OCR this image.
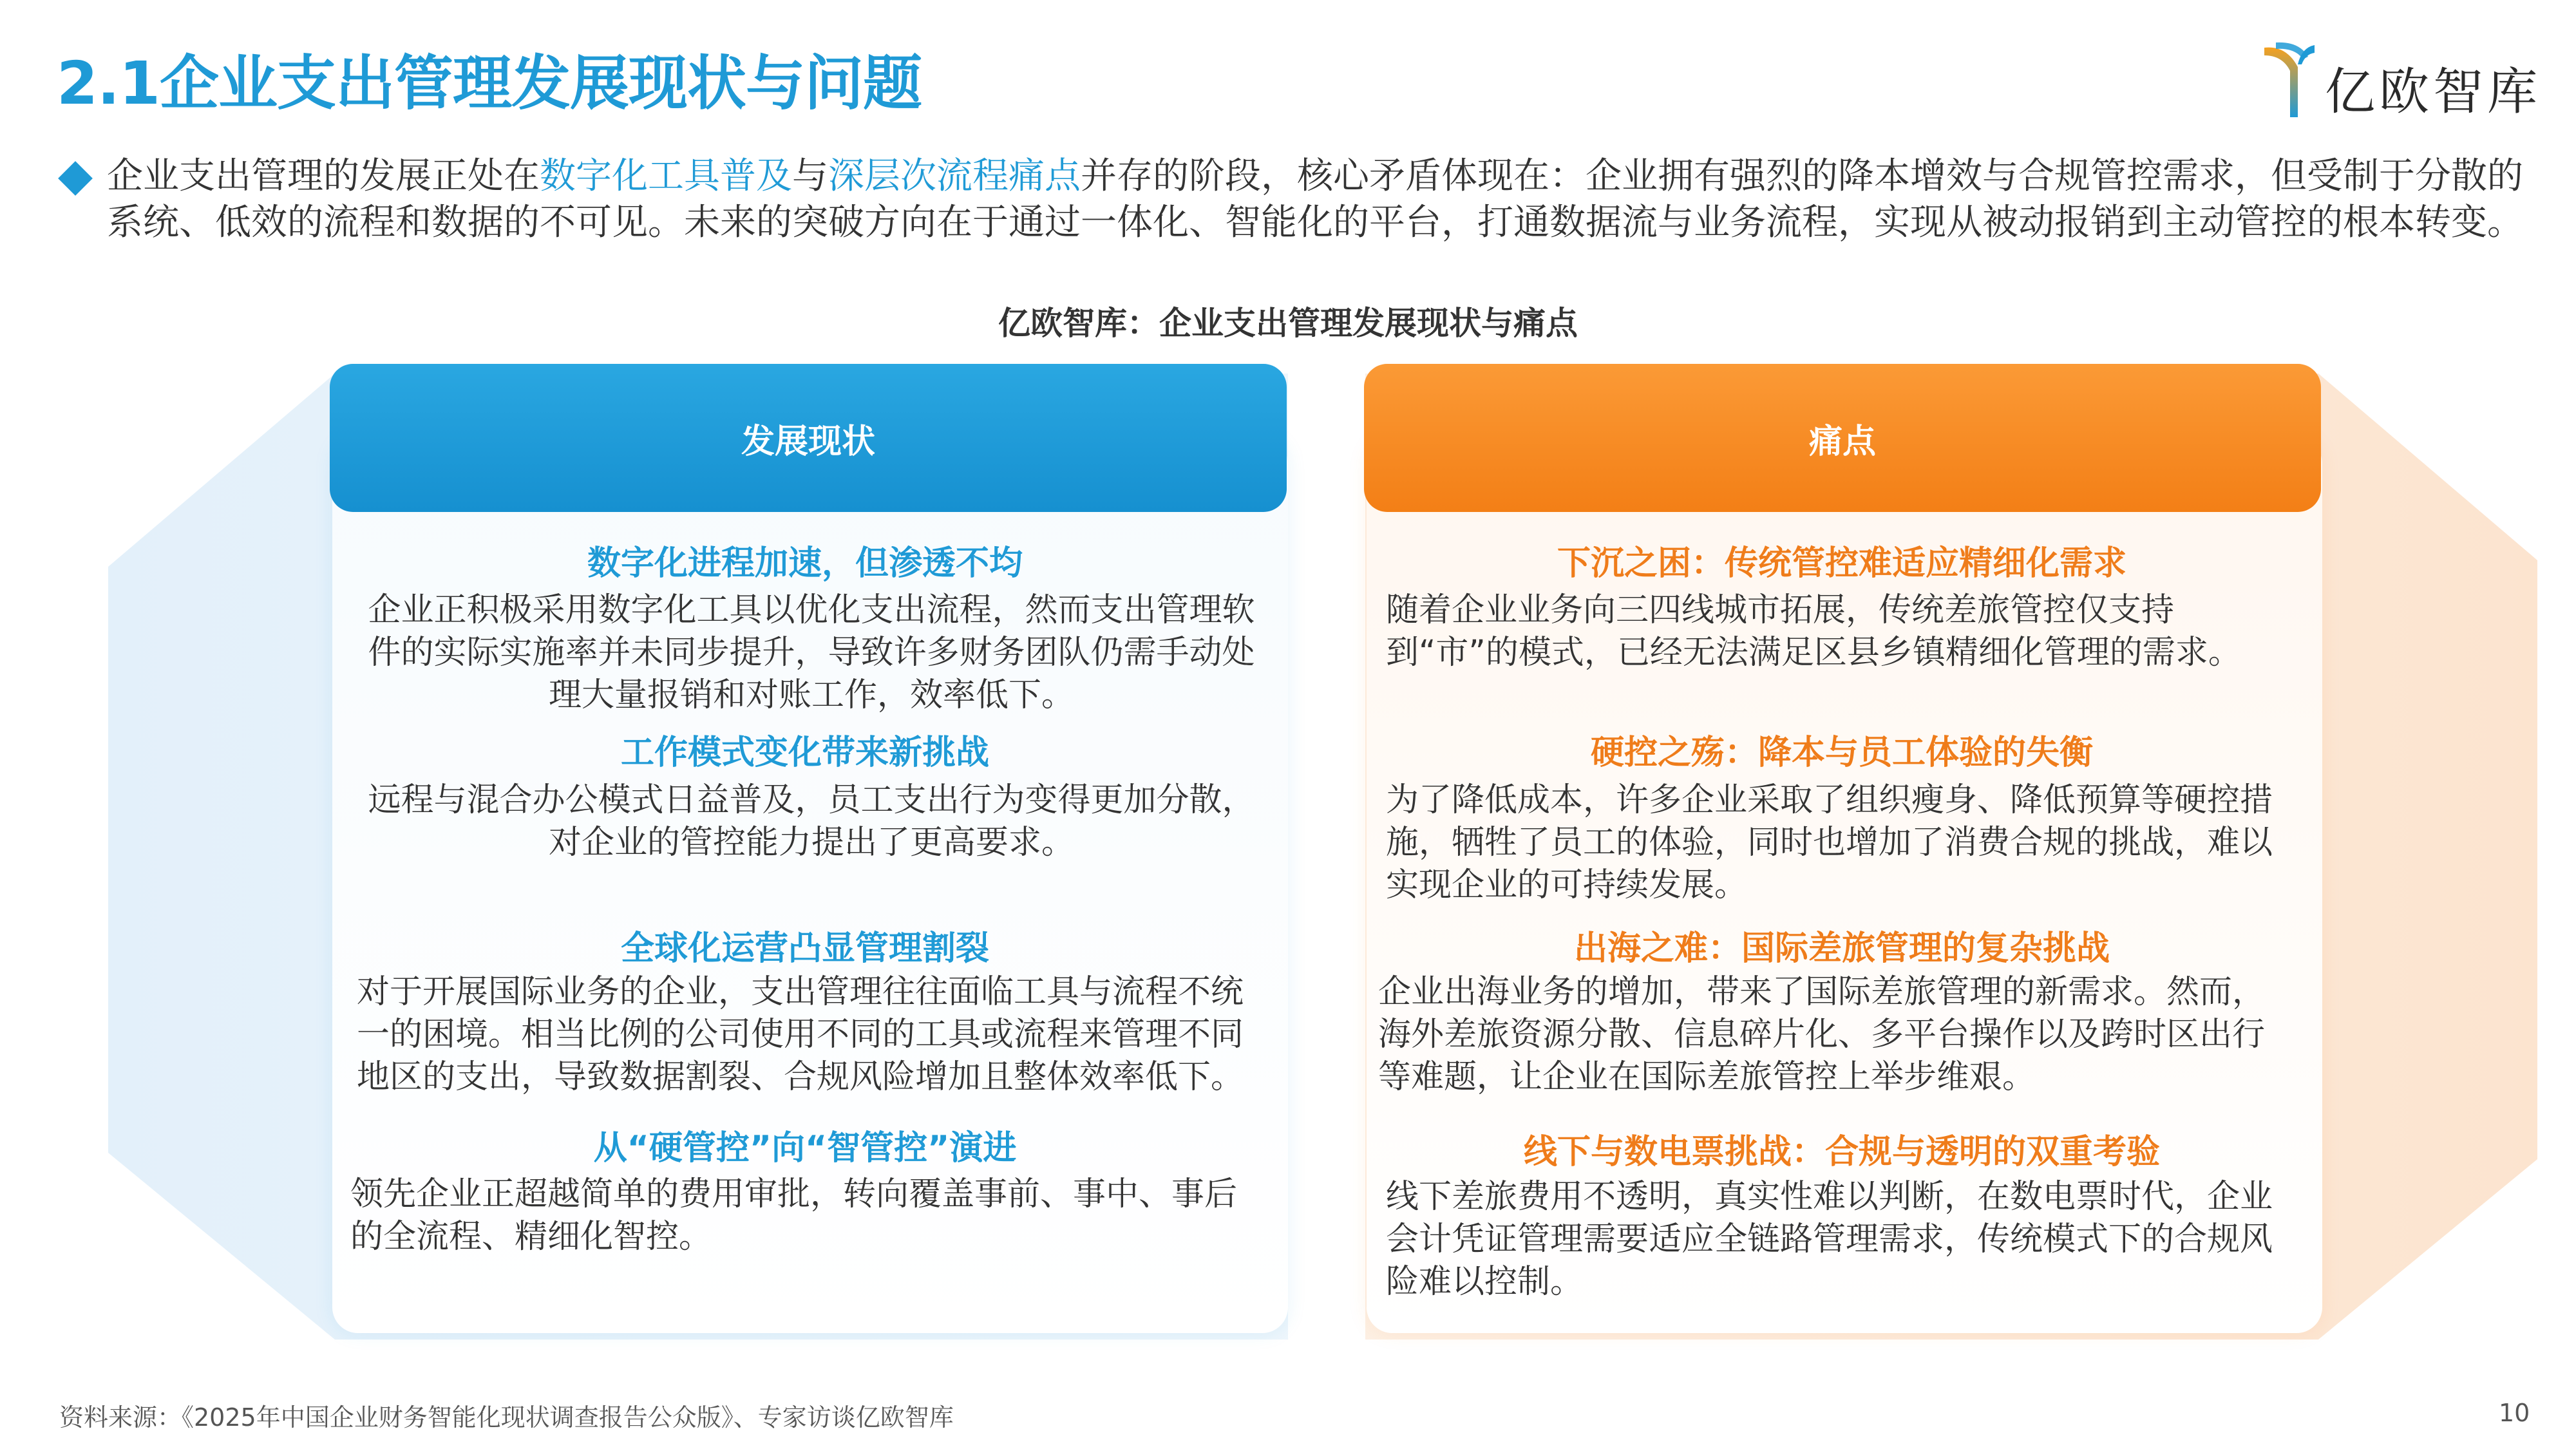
2.1企业支出管理发展现状与问题	亿欧智库
企业支出管理的发展正处在数字化工具普及与深层次流程痛点并存的阶段，核心矛盾体现在：企业拥有强烈的降本增效与合规管控需求，但受制于分散的系统、低效的流程和数据的不可见。未来的突破方向在于通过一体化、智能化的平台，打通数据流与业务流程，实现从被动报销到主动管控的根本转变。
亿欧智库：企业支出管理发展现状与痛点
发展现状	痛点
数字化进程加速，但渗透不均
企业正积极采用数字化工具以优化支出流程，然而支出管理软件的实际实施率并未同步提升，导致许多财务团队仍需手动处理大量报销和对账工作，效率低下。
工作模式变化带来新挑战
远程与混合办公模式日益普及，员工支出行为变得更加分散，对企业的管控能力提出了更高要求。
全球化运营凸显管理割裂
对于开展国际业务的企业，支出管理往往面临工具与流程不统一的困境。相当比例的公司使用不同的工具或流程来管理不同地区的支出，导致数据割裂、合规风险增加且整体效率低下。
从“硬管控”向“智管控”演进
领先企业正超越简单的费用审批，转向覆盖事前、事中、事后的全流程、精细化智控。
下沉之困：传统管控难适应精细化需求
随着企业业务向三四线城市拓展，传统差旅管控仅支持到“市”的模式，已经无法满足区县乡镇精细化管理的需求。
硬控之殇：降本与员工体验的失衡
为了降低成本，许多企业采取了组织瘦身、降低预算等硬控措施，牺牲了员工的体验，同时也增加了消费合规的挑战，难以实现企业的可持续发展。
出海之难：国际差旅管理的复杂挑战
企业出海业务的增加，带来了国际差旅管理的新需求。然而，海外差旅资源分散、信息碎片化、多平台操作以及跨时区出行等难题，让企业在国际差旅管控上举步维艰。
线下与数电票挑战：合规与透明的双重考验
线下差旅费用不透明，真实性难以判断，在数电票时代，企业会计凭证管理需要适应全链路管理需求，传统模式下的合规风险难以控制。
资料来源：《2025年中国企业财务智能化现状调查报告公众版》、专家访谈亿欧智库	10
